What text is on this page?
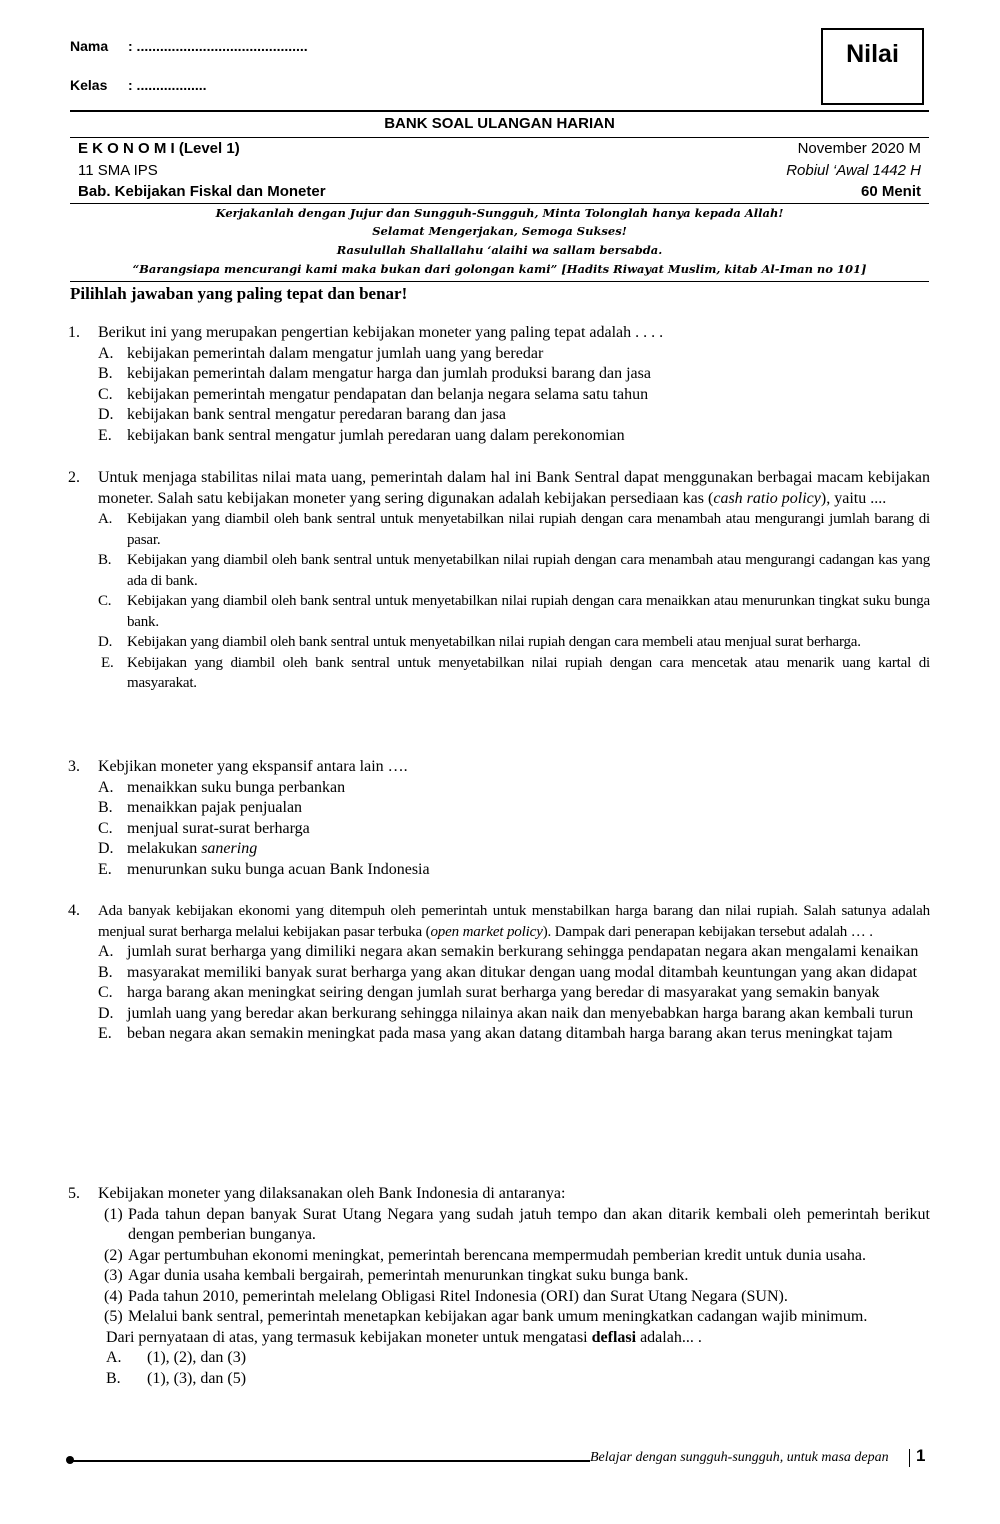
Nama : ............................................
Kelas : ..................
Nilai
BANK SOAL ULANGAN HARIAN
E K O N O M I (Level 1)	November 2020 M
11 SMA IPS	Robiul ‘Awal 1442 H
Bab. Kebijakan Fiskal dan Moneter	60 Menit
Kerjakanlah dengan Jujur dan Sungguh-Sungguh, Minta Tolonglah hanya kepada Allah!
Selamat Mengerjakan, Semoga Sukses!
Rasulullah Shallallahu ‘alaihi wa sallam bersabda.
“Barangsiapa mencurangi kami maka bukan dari golongan kami” [Hadits Riwayat Muslim, kitab Al-Iman no 101]
Pilihlah jawaban yang paling tepat dan benar!
1. Berikut ini yang merupakan pengertian kebijakan moneter yang paling tepat adalah . . . .
A. kebijakan pemerintah dalam mengatur jumlah uang yang beredar
B. kebijakan pemerintah dalam mengatur harga dan jumlah produksi barang dan jasa
C. kebijakan pemerintah mengatur pendapatan dan belanja negara selama satu tahun
D. kebijakan bank sentral mengatur peredaran barang dan jasa
E. kebijakan bank sentral mengatur jumlah peredaran uang dalam perekonomian
2. Untuk menjaga stabilitas nilai mata uang, pemerintah dalam hal ini Bank Sentral dapat menggunakan berbagai macam kebijakan moneter. Salah satu kebijakan moneter yang sering digunakan adalah kebijakan persediaan kas (cash ratio policy), yaitu ....
A. Kebijakan yang diambil oleh bank sentral untuk menyetabilkan nilai rupiah dengan cara menambah atau mengurangi jumlah barang di pasar.
B. Kebijakan yang diambil oleh bank sentral untuk menyetabilkan nilai rupiah dengan cara menambah atau mengurangi cadangan kas yang ada di bank.
C. Kebijakan yang diambil oleh bank sentral untuk menyetabilkan nilai rupiah dengan cara menaikkan atau menurunkan tingkat suku bunga bank.
D. Kebijakan yang diambil oleh bank sentral untuk menyetabilkan nilai rupiah dengan cara membeli atau menjual surat berharga.
E. Kebijakan yang diambil oleh bank sentral untuk menyetabilkan nilai rupiah dengan cara mencetak atau menarik uang kartal di masyarakat.
3. Kebjikan moneter yang ekspansif antara lain ….
A. menaikkan suku bunga perbankan
B. menaikkan pajak penjualan
C. menjual surat-surat berharga
D. melakukan sanering
E. menurunkan suku bunga acuan Bank Indonesia
4. Ada banyak kebijakan ekonomi yang ditempuh oleh pemerintah untuk menstabilkan harga barang dan nilai rupiah. Salah satunya adalah menjual surat berharga melalui kebijakan pasar terbuka (open market policy). Dampak dari penerapan kebijakan tersebut adalah … .
A. jumlah surat berharga yang dimiliki negara akan semakin berkurang sehingga pendapatan negara akan mengalami kenaikan
B. masyarakat memiliki banyak surat berharga yang akan ditukar dengan uang modal ditambah keuntungan yang akan didapat
C. harga barang akan meningkat seiring dengan jumlah surat berharga yang beredar di masyarakat yang semakin banyak
D. jumlah uang yang beredar akan berkurang sehingga nilainya akan naik dan menyebabkan harga barang akan kembali turun
E. beban negara akan semakin meningkat pada masa yang akan datang ditambah harga barang akan terus meningkat tajam
5. Kebijakan moneter yang dilaksanakan oleh Bank Indonesia di antaranya:
(1) Pada tahun depan banyak Surat Utang Negara yang sudah jatuh tempo dan akan ditarik kembali oleh pemerintah berikut dengan pemberian bunganya.
(2) Agar pertumbuhan ekonomi meningkat, pemerintah berencana mempermudah pemberian kredit untuk dunia usaha.
(3) Agar dunia usaha kembali bergairah, pemerintah menurunkan tingkat suku bunga bank.
(4) Pada tahun 2010, pemerintah melelang Obligasi Ritel Indonesia (ORI) dan Surat Utang Negara (SUN).
(5) Melalui bank sentral, pemerintah menetapkan kebijakan agar bank umum meningkatkan cadangan wajib minimum.
Dari pernyataan di atas, yang termasuk kebijakan moneter untuk mengatasi deflasi adalah... .
A. (1), (2), dan (3)
B. (1), (3), dan (5)
Belajar dengan sungguh-sungguh, untuk masa depan 1
